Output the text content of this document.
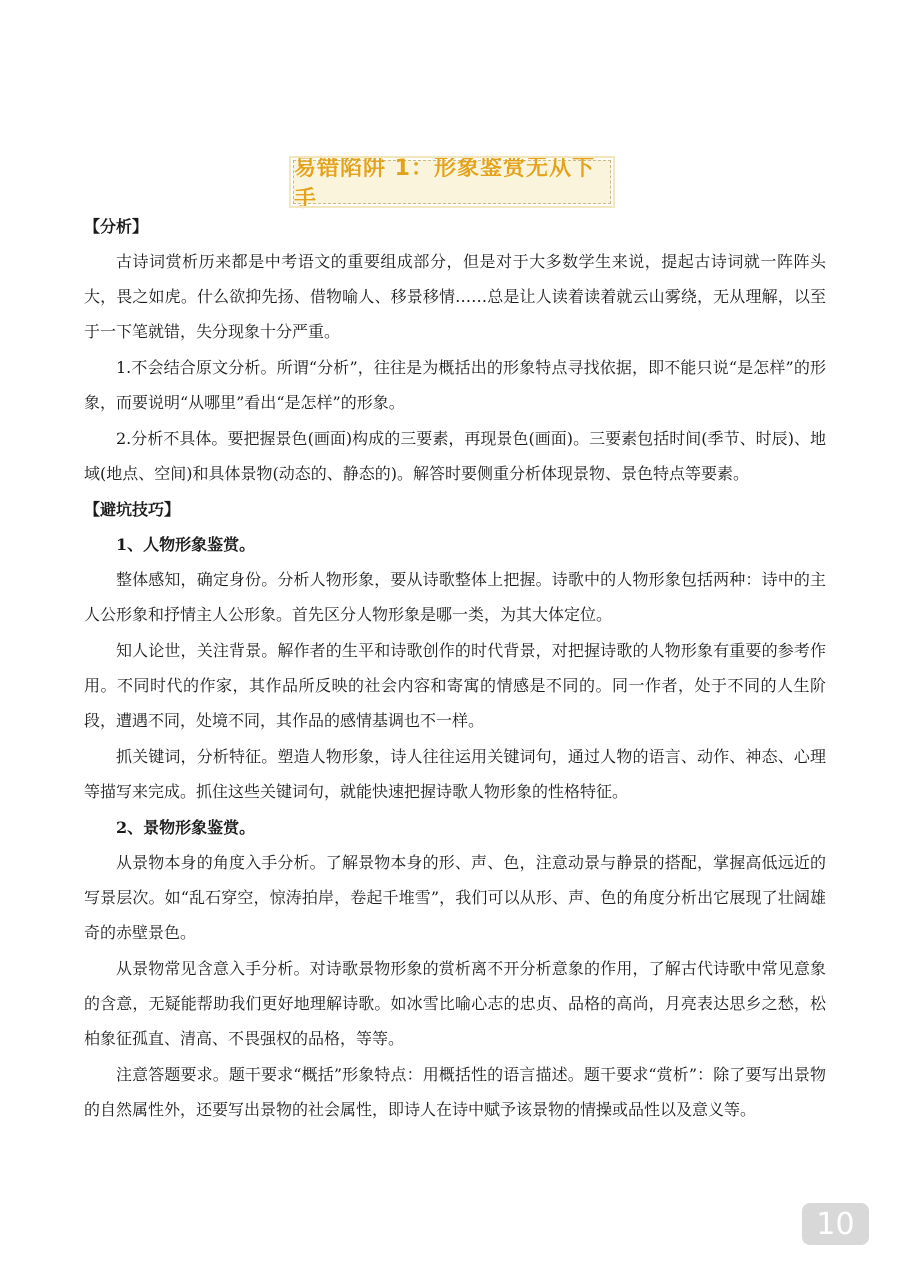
易错陷阱 1：形象鉴赏无从下手

【分析】

古诗词赏析历来都是中考语文的重要组成部分，但是对于大多数学生来说，提起古诗词就一阵阵头大，畏之如虎。什么欲抑先扬、借物喻人、移景移情……总是让人读着读着就云山雾绕，无从理解，以至于一下笔就错，失分现象十分严重。

1.不会结合原文分析。所谓“分析”，往往是为概括出的形象特点寻找依据，即不能只说“是怎样”的形象，而要说明“从哪里”看出“是怎样”的形象。

2.分析不具体。要把握景色(画面)构成的三要素，再现景色(画面)。三要素包括时间(季节、时辰)、地域(地点、空间)和具体景物(动态的、静态的)。解答时要侧重分析体现景物、景色特点等要素。

【避坑技巧】

1、人物形象鉴赏。

整体感知，确定身份。分析人物形象，要从诗歌整体上把握。诗歌中的人物形象包括两种：诗中的主人公形象和抒情主人公形象。首先区分人物形象是哪一类，为其大体定位。

知人论世，关注背景。解作者的生平和诗歌创作的时代背景，对把握诗歌的人物形象有重要的参考作用。不同时代的作家，其作品所反映的社会内容和寄寓的情感是不同的。同一作者，处于不同的人生阶段，遭遇不同，处境不同，其作品的感情基调也不一样。

抓关键词，分析特征。塑造人物形象，诗人往往运用关键词句，通过人物的语言、动作、神态、心理等描写来完成。抓住这些关键词句，就能快速把握诗歌人物形象的性格特征。

2、景物形象鉴赏。

从景物本身的角度入手分析。了解景物本身的形、声、色，注意动景与静景的搭配，掌握高低远近的写景层次。如“乱石穿空，惊涛拍岸，卷起千堆雪”，我们可以从形、声、色的角度分析出它展现了壮阔雄奇的赤壁景色。

从景物常见含意入手分析。对诗歌景物形象的赏析离不开分析意象的作用，了解古代诗歌中常见意象的含意，无疑能帮助我们更好地理解诗歌。如冰雪比喻心志的忠贞、品格的高尚，月亮表达思乡之愁，松柏象征孤直、清高、不畏强权的品格，等等。

注意答题要求。题干要求“概括”形象特点：用概括性的语言描述。题干要求“赏析”：除了要写出景物的自然属性外，还要写出景物的社会属性，即诗人在诗中赋予该景物的情操或品性以及意义等。

10
